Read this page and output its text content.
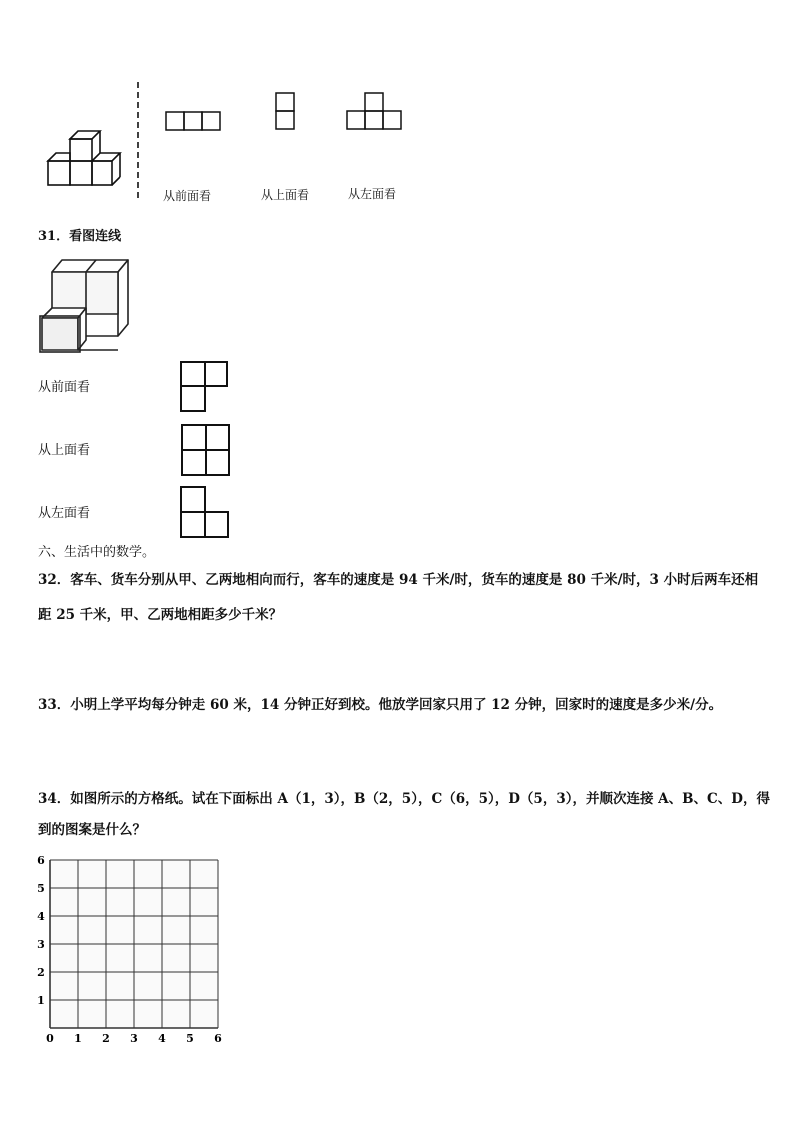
从前面看	从上面看	从左面看
31．看图连线
从前面看
从上面看
从左面看
六、生活中的数学。
32．客车、货车分别从甲、乙两地相向而行，客车的速度是 94 千米/时，货车的速度是 80 千米/时，3 小时后两车还相
距 25 千米，甲、乙两地相距多少千米？
33．小明上学平均每分钟走 60 米，14 分钟正好到校。他放学回家只用了 12 分钟，回家时的速度是多少米/分。
34．如图所示的方格纸。试在下面标出 A（1，3），B（2，5），C（6，5），D（5，3），并顺次连接 A、B、C、D，得
到的图案是什么？
0 1 2 3 4 5 6
1
2
3
4
5
6
